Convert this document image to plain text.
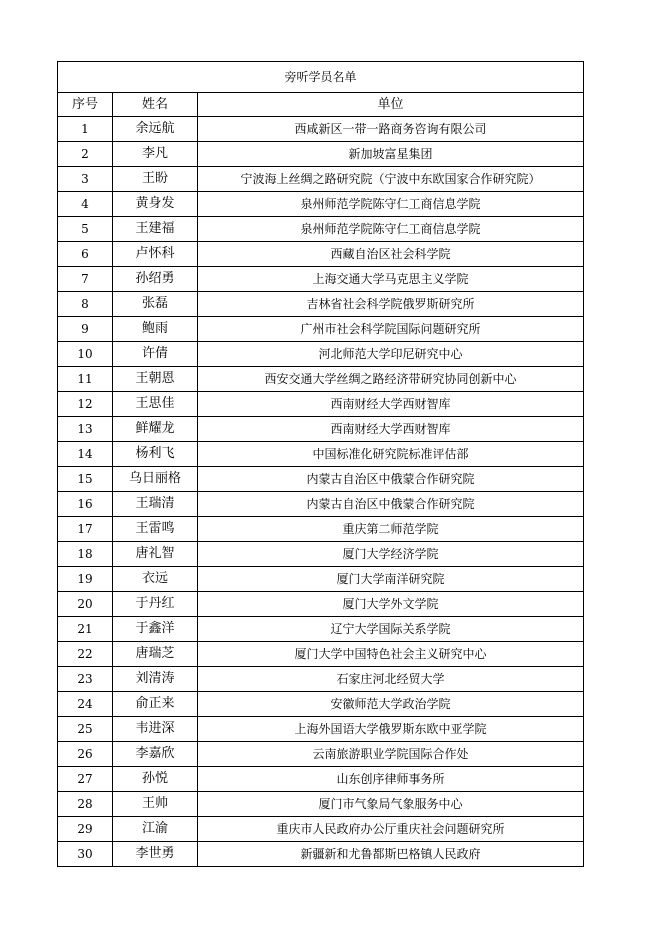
旁听学员名单		
序号	姓名	单位
1	余远航	西咸新区一带一路商务咨询有限公司
2	李凡	新加坡富星集团
3	王盼	宁波海上丝绸之路研究院（宁波中东欧国家合作研究院）
4	黄身发	泉州师范学院陈守仁工商信息学院
5	王建福	泉州师范学院陈守仁工商信息学院
6	卢怀科	西藏自治区社会科学院
7	孙绍勇	上海交通大学马克思主义学院
8	张磊	吉林省社会科学院俄罗斯研究所
9	鲍雨	广州市社会科学院国际问题研究所
10	许倩	河北师范大学印尼研究中心
11	王朝恩	西安交通大学丝绸之路经济带研究协同创新中心
12	王思佳	西南财经大学西财智库
13	鲜耀龙	西南财经大学西财智库
14	杨利飞	中国标准化研究院标准评估部
15	乌日丽格	内蒙古自治区中俄蒙合作研究院
16	王瑞清	内蒙古自治区中俄蒙合作研究院
17	王雷鸣	重庆第二师范学院
18	唐礼智	厦门大学经济学院
19	衣远	厦门大学南洋研究院
20	于丹红	厦门大学外文学院
21	于鑫洋	辽宁大学国际关系学院
22	唐瑞芝	厦门大学中国特色社会主义研究中心
23	刘清涛	石家庄河北经贸大学
24	俞正来	安徽师范大学政治学院
25	韦进深	上海外国语大学俄罗斯东欧中亚学院
26	李嘉欣	云南旅游职业学院国际合作处
27	孙悦	山东创序律师事务所
28	王帅	厦门市气象局气象服务中心
29	江渝	重庆市人民政府办公厅重庆社会问题研究所
30	李世勇	新疆新和尤鲁都斯巴格镇人民政府
